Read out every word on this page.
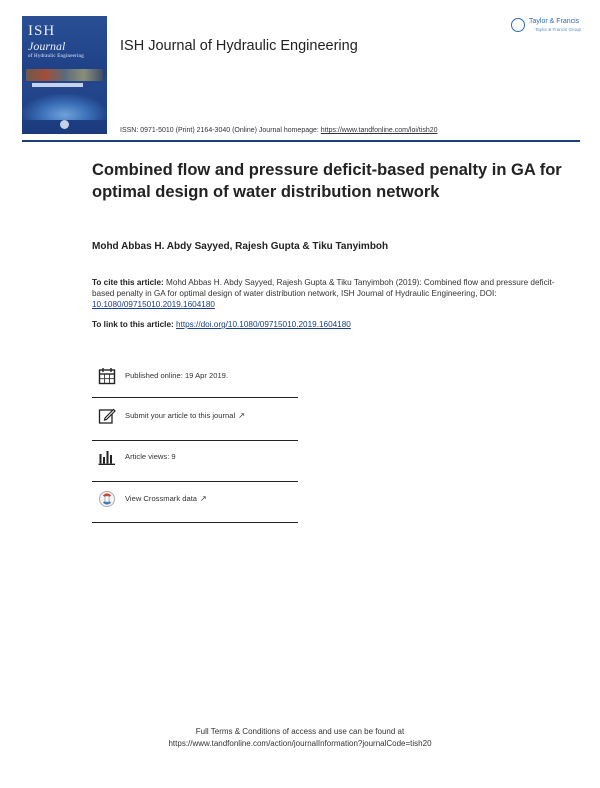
ISH
Journal
of Hydraulic Engineering
ISH Journal of Hydraulic Engineering
Taylor & Francis
Taylor & Francis Group
ISSN: 0971-5010 (Print) 2164-3040 (Online) Journal homepage: https://www.tandfonline.com/loi/tish20
Combined flow and pressure deficit-based penalty in GA for optimal design of water distribution network
Mohd Abbas H. Abdy Sayyed, Rajesh Gupta & Tiku Tanyimboh
To cite this article: Mohd Abbas H. Abdy Sayyed, Rajesh Gupta & Tiku Tanyimboh (2019): Combined flow and pressure deficit-based penalty in GA for optimal design of water distribution network, ISH Journal of Hydraulic Engineering, DOI: 10.1080/09715010.2019.1604180
To link to this article: https://doi.org/10.1080/09715010.2019.1604180
Published online: 19 Apr 2019.
Submit your article to this journal ↗
Article views: 9
View Crossmark data ↗
Full Terms & Conditions of access and use can be found at
https://www.tandfonline.com/action/journalInformation?journalCode=tish20
